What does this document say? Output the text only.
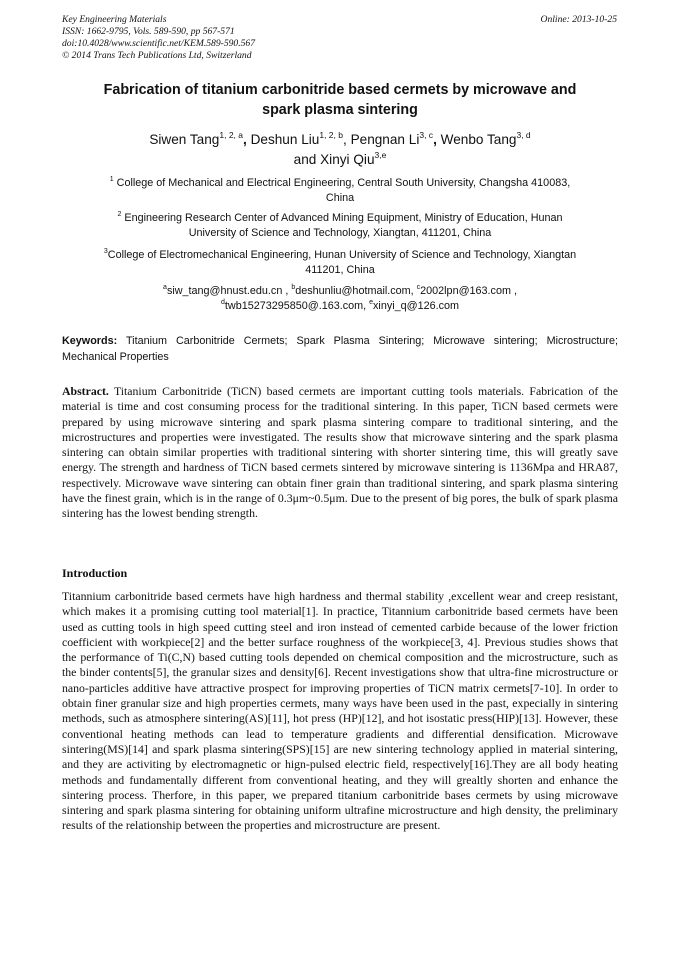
Key Engineering Materials
ISSN: 1662-9795, Vols. 589-590, pp 567-571
doi:10.4028/www.scientific.net/KEM.589-590.567
© 2014 Trans Tech Publications Ltd, Switzerland
Online: 2013-10-25
Fabrication of titanium carbonitride based cermets by microwave and
spark plasma sintering
Siwen Tang$^{1, 2, a}$, Deshun Liu$^{1, 2, b}$, Pengnan Li$^{3, c}$, Wenbo Tang$^{3, d}$
and Xinyi Qiu$^{3,e}$
$^1$ College of Mechanical and Electrical Engineering, Central South University, Changsha 410083,
China
$^2$ Engineering Research Center of Advanced Mining Equipment, Ministry of Education, Hunan
University of Science and Technology, Xiangtan, 411201, China
$^3$College of Electromechanical Engineering, Hunan University of Science and Technology, Xiangtan
411201, China
$^a$siw_tang@hnust.edu.cn , $^b$deshunliu@hotmail.com, $^c$2002lpn@163.com ,
$^d$twb15273295850@.163.com, $^e$xinyi_q@126.com
Keywords: Titanium Carbonitride Cermets; Spark Plasma Sintering; Microwave sintering; Microstructure; Mechanical Properties
Abstract. Titanium Carbonitride (TiCN) based cermets are important cutting tools materials. Fabrication of the material is time and cost consuming process for the traditional sintering. In this paper, TiCN based cermets were prepared by using microwave sintering and spark plasma sintering compare to traditional sintering, and the microstructures and properties were investigated. The results show that microwave sintering and the spark plasma sintering can obtain similar properties with traditional sintering with shorter sintering time, this will greatly save energy. The strength and hardness of TiCN based cermets sintered by microwave sintering is 1136Mpa and HRA87, respectively. Microwave wave sintering can obtain finer grain than traditional sintering, and spark plasma sintering have the finest grain, which is in the range of 0.3μm~0.5μm. Due to the present of big pores, the bulk of spark plasma sintering has the lowest bending strength.
Introduction
Titannium carbonitride based cermets have high hardness and thermal stability ,excellent wear and creep resistant, which makes it a promising cutting tool material[1]. In practice, Titannium carbonitride based cermets have been used as cutting tools in high speed cutting steel and iron instead of cemented carbide because of the lower friction coefficient with workpiece[2] and the better surface roughness of the workpiece[3, 4]. Previous studies shows that the performance of Ti(C,N) based cutting tools depended on chemical composition and the microstructure, such as the binder contents[5], the granular sizes and density[6]. Recent investigations show that ultra-fine microstructure or nano-particles additive have attractive prospect for improving properties of TiCN matrix cermets[7-10]. In order to obtain finer granular size and high properties cermets, many ways have been used in the past, expecially in sintering methods, such as atmosphere sintering(AS)[11], hot press (HP)[12], and hot isostatic press(HIP)[13]. However, these conventional heating methods can lead to temperature gradients and differential densification. Microwave sintering(MS)[14] and spark plasma sintering(SPS)[15] are new sintering technology applied in material sintering, and they are activiting by electromagnetic or hign-pulsed electric field, respectively[16].They are all body heating methods and fundamentally different from conventional heating, and they will grealtly shorten and enhance the sintering process. Therfore, in this paper, we prepared titanium carbonitride bases cermets by using microwave sintering and spark plasma sintering for obtaining uniform ultrafine microstructure and high density, the preliminary results of the relationship between the properties and microstructure are present.
